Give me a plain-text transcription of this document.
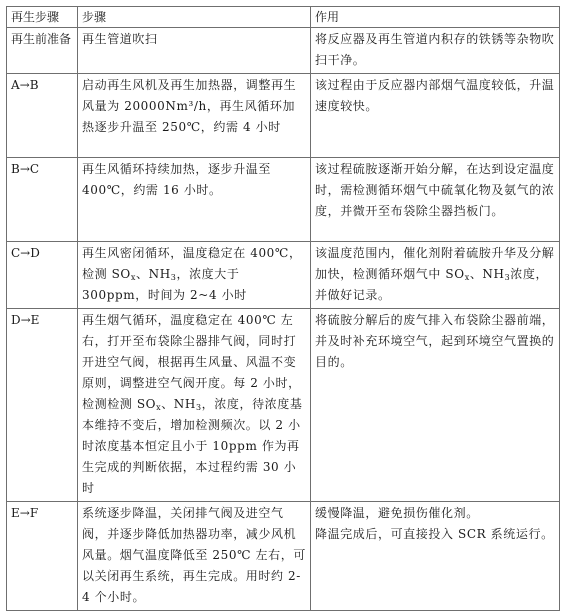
再生步骤	步骤	作用
再生前准备	再生管道吹扫	将反应器及再生管道内积存的铁锈等杂物吹扫干净。
A→B	启动再生风机及再生加热器，调整再生风量为 20000Nm³/h，再生风循环加热逐步升温至 250℃，约需 4 小时	该过程由于反应器内部烟气温度较低，升温速度较快。
B→C	再生风循环持续加热，逐步升温至 400℃，约需 16 小时。	该过程硫胺逐渐开始分解，在达到设定温度时，需检测循环烟气中硫氧化物及氨气的浓度，并微开至布袋除尘器挡板门。
C→D	再生风密闭循环，温度稳定在 400℃， 检测 $SO_x$、$NH_3$，浓度大于 300ppm，时间为 2~4 小时	该温度范围内，催化剂附着硫胺升华及分解加快，检测循环烟气中 $SO_x$、$NH_3$浓度，并做好记录。
D→E	再生烟气循环，温度稳定在 400℃ 左右，打开至布袋除尘器排气阀，同时打开进空气阀，根据再生风量、风温不变原则，调整进空气阀开度。每 2 小时，检测检测 $SO_x$、$NH_3$，浓度，待浓度基本维持不变后，增加检测频次。以 2 小时浓度基本恒定且小于 10ppm 作为再生完成的判断依据，本过程约需 30 小时	将硫胺分解后的废气排入布袋除尘器前端，并及时补充环境空气，起到环境空气置换的目的。
E→F	系统逐步降温，关闭排气阀及进空气阀，并逐步降低加热器功率，减少风机风量。烟气温度降低至 250℃ 左右，可以关闭再生系统，再生完成。用时约 2-4 个小时。	缓慢降温，避免损伤催化剂。
降温完成后，可直接投入 SCR 系统运行。
